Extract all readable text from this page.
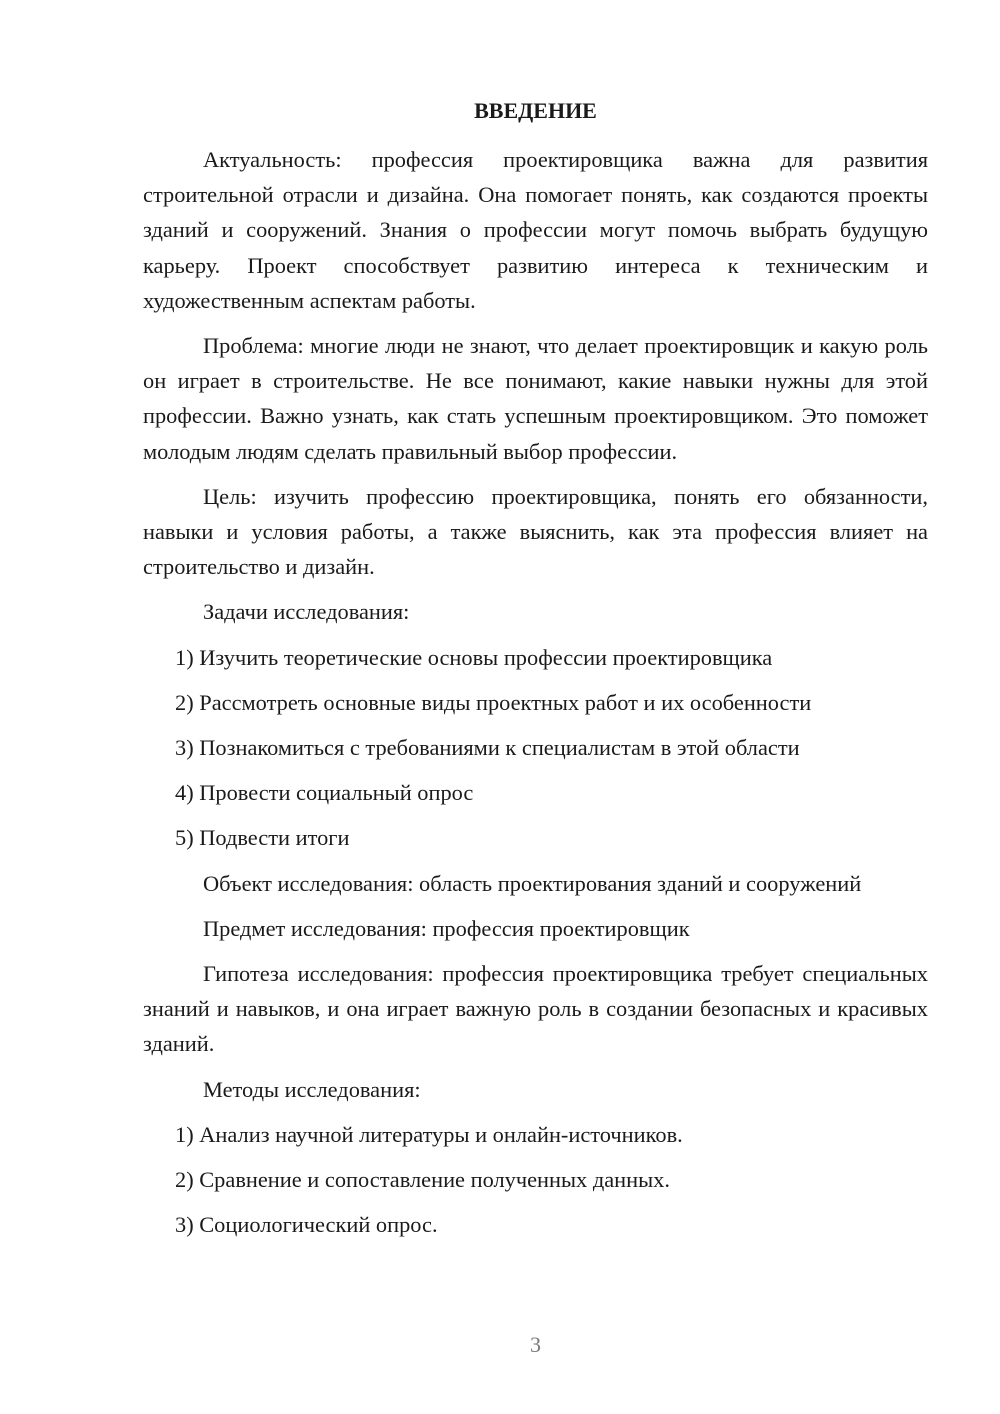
ВВЕДЕНИЕ

Актуальность: профессия проектировщика важна для развития строительной отрасли и дизайна. Она помогает понять, как создаются проекты зданий и сооружений. Знания о профессии могут помочь выбрать будущую карьеру. Проект способствует развитию интереса к техническим и художественным аспектам работы.

Проблема: многие люди не знают, что делает проектировщик и какую роль он играет в строительстве. Не все понимают, какие навыки нужны для этой профессии. Важно узнать, как стать успешным проектировщиком. Это поможет молодым людям сделать правильный выбор профессии.

Цель: изучить профессию проектировщика, понять его обязанности, навыки и условия работы, а также выяснить, как эта профессия влияет на строительство и дизайн.

Задачи исследования:

1) Изучить теоретические основы профессии проектировщика
2) Рассмотреть основные виды проектных работ и их особенности
3) Познакомиться с требованиями к специалистам в этой области
4) Провести социальный опрос
5) Подвести итоги

Объект исследования: область проектирования зданий и сооружений

Предмет исследования: профессия проектировщик

Гипотеза исследования: профессия проектировщика требует специальных знаний и навыков, и она играет важную роль в создании безопасных и красивых зданий.

Методы исследования:

1) Анализ научной литературы и онлайн-источников.
2) Сравнение и сопоставление полученных данных.
3) Социологический опрос.
3
